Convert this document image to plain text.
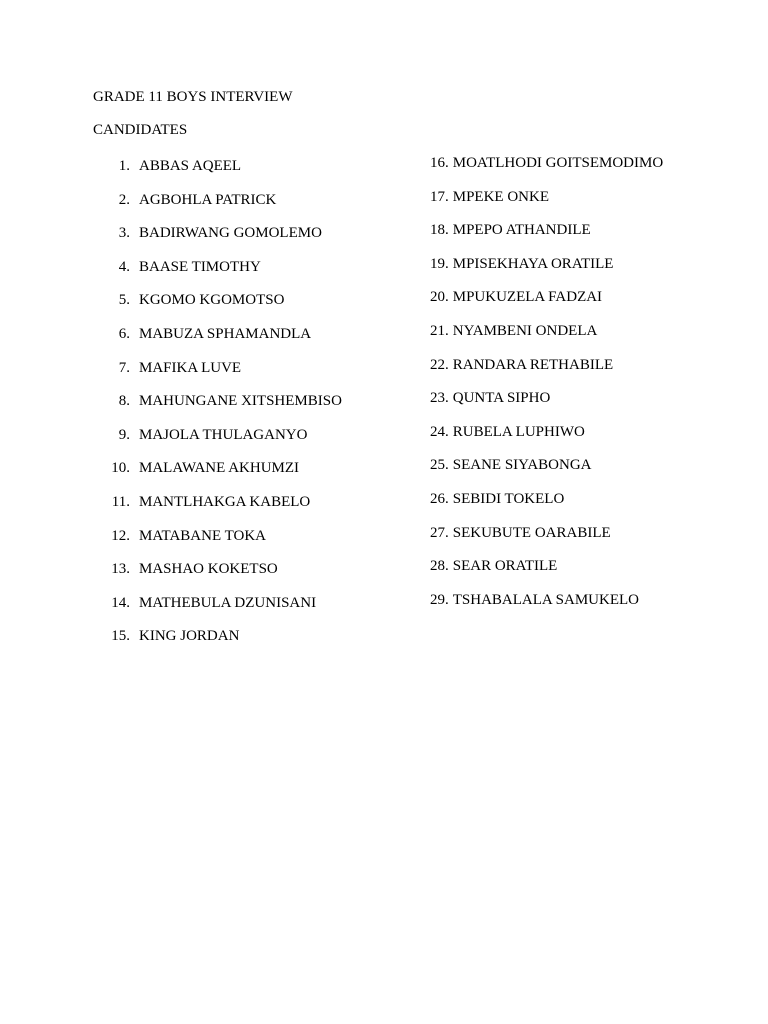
GRADE 11 BOYS INTERVIEW
CANDIDATES
1. ABBAS AQEEL
2. AGBOHLA PATRICK
3. BADIRWANG GOMOLEMO
4. BAASE TIMOTHY
5. KGOMO KGOMOTSO
6. MABUZA SPHAMANDLA
7. MAFIKA LUVE
8. MAHUNGANE XITSHEMBISO
9. MAJOLA THULAGANYO
10. MALAWANE AKHUMZI
11. MANTLHAKGA KABELO
12. MATABANE TOKA
13. MASHAO KOKETSO
14. MATHEBULA DZUNISANI
15. KING JORDAN
16. MOATLHODI GOITSEMODIMO
17. MPEKE ONKE
18. MPEPO ATHANDILE
19. MPISEKHAYA ORATILE
20. MPUKUZELA FADZAI
21. NYAMBENI ONDELA
22. RANDARA RETHABILE
23. QUNTA SIPHO
24. RUBELA LUPHIWO
25. SEANE SIYABONGA
26. SEBIDI TOKELO
27. SEKUBUTE OARABILE
28. SEAR ORATILE
29. TSHABALALA SAMUKELO
